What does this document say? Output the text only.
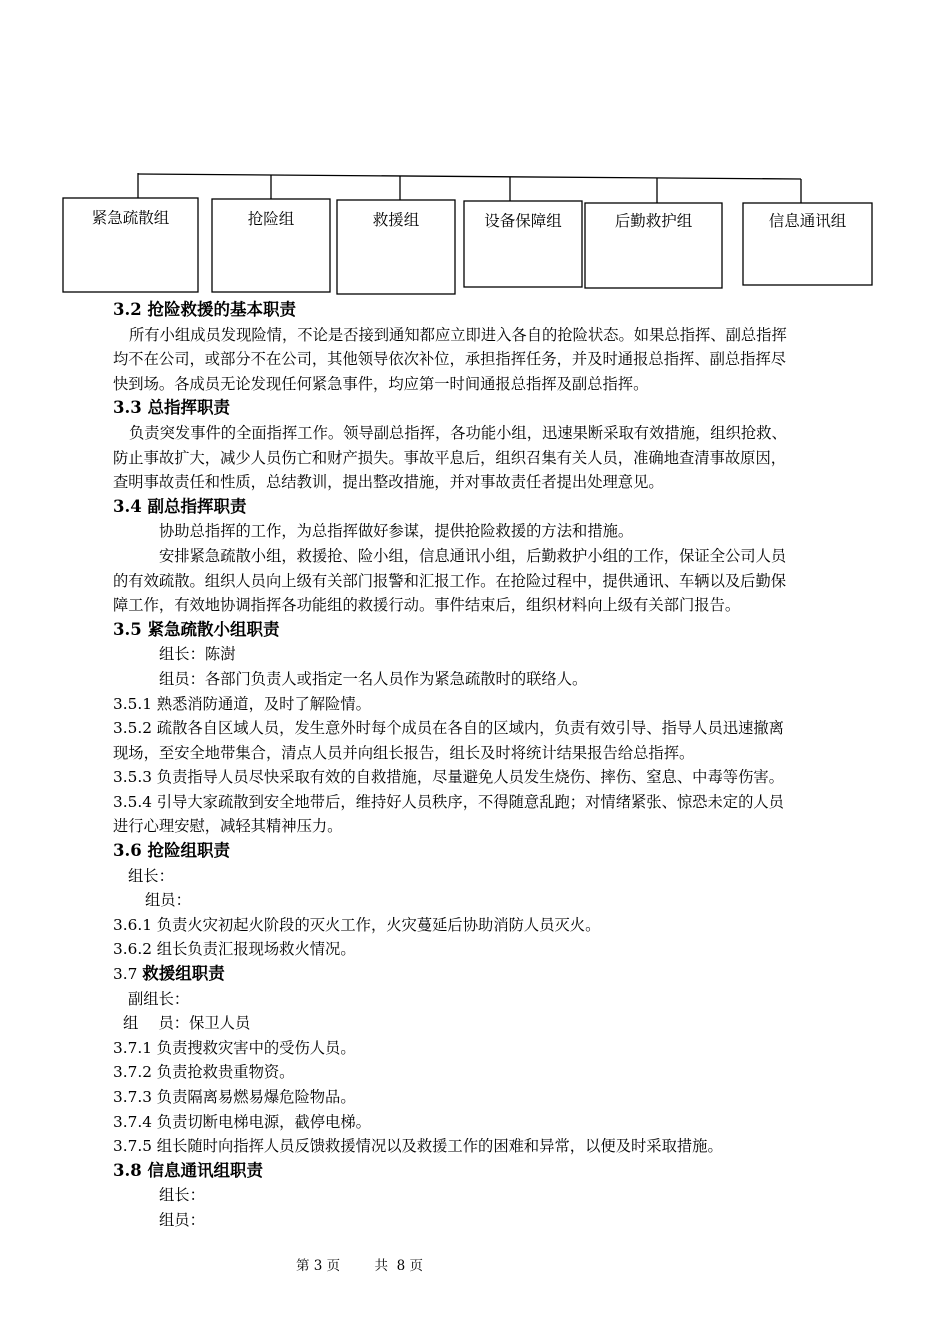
紧急疏散组	抢险组	救援组	设备保障组	后勤救护组	信息通讯组
3.2 抢险救援的基本职责
所有小组成员发现险情，不论是否接到通知都应立即进入各自的抢险状态。如果总指挥、副总指挥
均不在公司，或部分不在公司，其他领导依次补位，承担指挥任务，并及时通报总指挥、副总指挥尽
快到场。各成员无论发现任何紧急事件，均应第一时间通报总指挥及副总指挥。
3.3 总指挥职责
负责突发事件的全面指挥工作。领导副总指挥，各功能小组，迅速果断采取有效措施，组织抢救、
防止事故扩大，减少人员伤亡和财产损失。事故平息后，组织召集有关人员，准确地查清事故原因，
查明事故责任和性质，总结教训，提出整改措施，并对事故责任者提出处理意见。
3.4 副总指挥职责
协助总指挥的工作，为总指挥做好参谋，提供抢险救援的方法和措施。
安排紧急疏散小组，救援抢、险小组，信息通讯小组，后勤救护小组的工作，保证全公司人员
的有效疏散。组织人员向上级有关部门报警和汇报工作。在抢险过程中，提供通讯、车辆以及后勤保
障工作，有效地协调指挥各功能组的救援行动。事件结束后，组织材料向上级有关部门报告。
3.5 紧急疏散小组职责
组长：陈澍
组员：各部门负责人或指定一名人员作为紧急疏散时的联络人。
3.5.1 熟悉消防通道，及时了解险情。
3.5.2 疏散各自区域人员，发生意外时每个成员在各自的区域内，负责有效引导、指导人员迅速撤离
现场，至安全地带集合，清点人员并向组长报告，组长及时将统计结果报告给总指挥。
3.5.3 负责指导人员尽快采取有效的自救措施，尽量避免人员发生烧伤、摔伤、窒息、中毒等伤害。
3.5.4 引导大家疏散到安全地带后，维持好人员秩序，不得随意乱跑；对情绪紧张、惊恐未定的人员
进行心理安慰，减轻其精神压力。
3.6 抢险组职责
组长：
组员：
3.6.1 负责火灾初起火阶段的灭火工作，火灾蔓延后协助消防人员灭火。
3.6.2 组长负责汇报现场救火情况。
3.7 救援组职责
副组长：
组　 员：保卫人员
3.7.1 负责搜救灾害中的受伤人员。
3.7.2 负责抢救贵重物资。
3.7.3 负责隔离易燃易爆危险物品。
3.7.4 负责切断电梯电源，截停电梯。
3.7.5 组长随时向指挥人员反馈救援情况以及救援工作的困难和异常，以便及时采取措施。
3.8 信息通讯组职责
组长：
组员：
第 3 页	共  8 页
